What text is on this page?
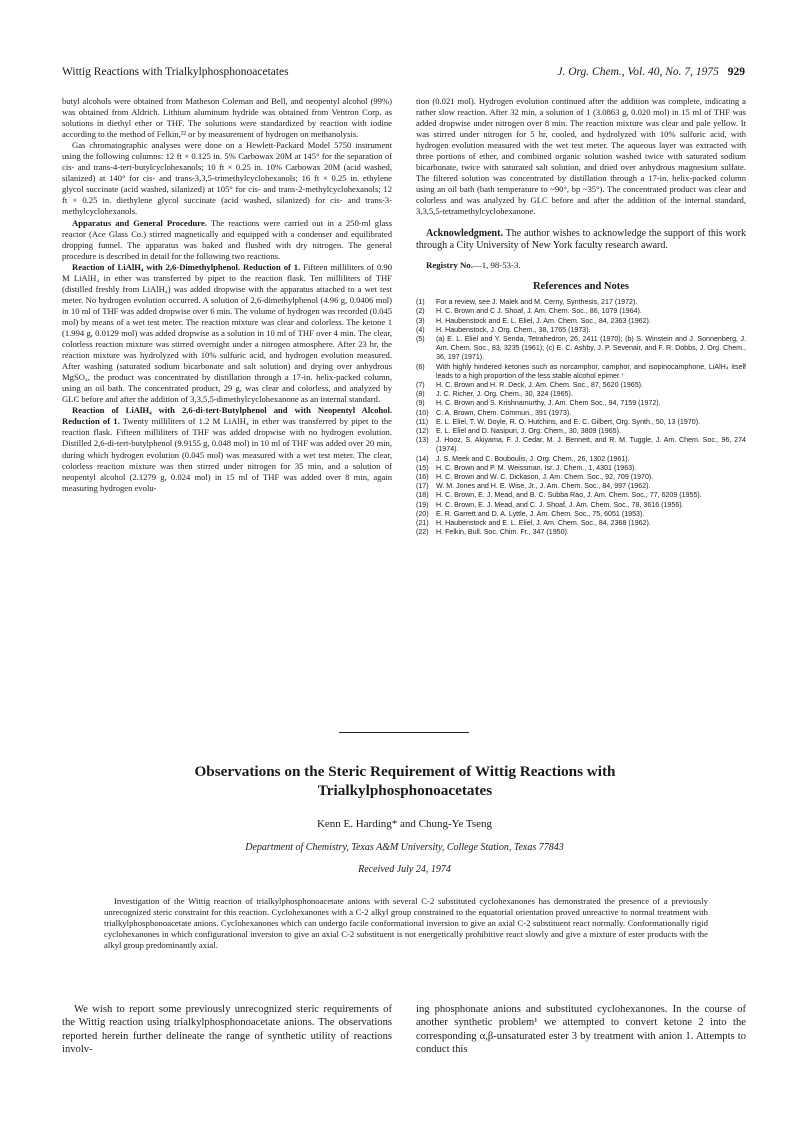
Wittig Reactions with Trialkylphosphonoacetates	J. Org. Chem., Vol. 40, No. 7, 1975 929

butyl alcohols were obtained from Matheson Coleman and Bell, and neopentyl alcohol (99%) was obtained from Aldrich. Lithium aluminum hydride was obtained from Ventron Corp. as solutions in diethyl ether or THF. The solutions were standardized by reaction with iodine according to the method of Felkin,²² or by measurement of hydrogen on methanolysis.

Gas chromatographic analyses were done on a Hewlett-Packard Model 5750 instrument using the following columns: 12 ft × 0.125 in. 5% Carbowax 20M at 145° for the separation of cis- and trans-4-tert-butylcyclohexanols; 10 ft × 0.25 in. 10% Carbowax 20M (acid washed, silanized) at 140° for cis- and trans-3,3,5-trimethylcyclohexanols; 16 ft × 0.25 in. ethylene glycol succinate (acid washed, silanized) at 105° for cis- and trans-2-methylcyclohexanols; 12 ft × 0.25 in. diethylene glycol succinate (acid washed, silanized) for cis- and trans-3-methylcyclohexanols.

Apparatus and General Procedure. The reactions were carried out in a 250-ml glass reactor (Ace Glass Co.) stirred magnetically and equipped with a condenser and equilibrated dropping funnel. The apparatus was baked and flushed with dry nitrogen. The general procedure is described in detail for the following two reactions.

Reaction of LiAlH₄ with 2,6-Dimethylphenol. Reduction of 1. Fifteen milliliters of 0.90 M LiAlH₄ in ether was transferred by pipet to the reaction flask. Ten milliliters of THF (distilled freshly from LiAlH₄) was added dropwise with the apparatus attached to a wet test meter. No hydrogen evolution occurred. A solution of 2,6-dimethylphenol (4.96 g, 0.0406 mol) in 10 ml of THF was added dropwise over 6 min. The volume of hydrogen was recorded (0.045 mol) by means of a wet test meter. The reaction mixture was clear and colorless. The ketone 1 (1.994 g, 0.0129 mol) was added dropwise as a solution in 10 ml of THF over 4 min. The clear, colorless reaction mixture was stirred overnight under a nitrogen atmosphere. After 23 hr, the reaction mixture was hydrolyzed with 10% sulfuric acid, and hydrogen evolution measured. After washing (saturated sodium bicarbonate and salt solution) and drying over anhydrous MgSO₄, the product was concentrated by distillation through a 17-in. helix-packed column, using an oil bath. The concentrated product, 29 g, was clear and colorless, and analyzed by GLC before and after the addition of 3,3,5,5-dimethylcyclohexanone as an internal standard.

Reaction of LiAlH₄ with 2,6-di-tert-Butylphenol and with Neopentyl Alcohol. Reduction of 1. Twenty milliliters of 1.2 M LiAlH₄ in ether was transferred by pipet to the reaction flask. Fifteen milliliters of THF was added dropwise with no hydrogen evolution. Distilled 2,6-di-tert-butylphenol (9.9155 g, 0.048 mol) in 10 ml of THF was added over 20 min, during which hydrogen evolution (0.045 mol) was measured with a wet test meter. The clear, colorless reaction mixture was then stirred under nitrogen for 35 min, and a solution of neopentyl alcohol (2.1279 g, 0.024 mol) in 15 ml of THF was added over 8 min, again measuring hydrogen evolu-

tion (0.021 mol). Hydrogen evolution continued after the addition was complete, indicating a rather slow reaction. After 32 min, a solution of 1 (3.0863 g, 0.020 mol) in 15 ml of THF was added dropwise under nitrogen over 8 min. The reaction mixture was clear and pale yellow. It was stirred under nitrogen for 5 hr, cooled, and hydrolyzed with 10% sulfuric acid, with hydrogen evolution measured with the wet test meter. The aqueous layer was extracted with three portions of ether, and combined organic solution washed twice with saturated sodium bicarbonate, twice with saturated salt solution, and dried over anhydrous magnesium sulfate. The filtered solution was concentrated by distillation through a 17-in. helix-packed column using an oil bath (bath temperature to ~90°, bp ~35°). The concentrated product was clear and colorless and was analyzed by GLC before and after the addition of the internal standard, 3,3,5,5-tetramethylcyclohexanone.

Acknowledgment. The author wishes to acknowledge the support of this work through a City University of New York faculty research award.

Registry No.—1, 98-53-3.

References and Notes
(1)	For a review, see J. Malek and M. Cerny, Synthesis, 217 (1972).
(2)	H. C. Brown and C J. Shoaf, J. Am. Chem. Soc., 86, 1079 (1964).
(3)	H. Haubenstock and E. L. Eliel, J. Am. Chem. Soc., 84, 2363 (1962).
(4)	H. Haubenstock, J. Org. Chem., 38, 1765 (1973).
(5)	(a) E. L. Eliel and Y. Senda, Tetrahedron, 26, 2411 (1970); (b) S. Winstein and J. Sonnenberg, J. Am. Chem. Soc., 83, 3235 (1961); (c) E. C. Ashby, J. P. Sevenair, and F. R. Dobbs, J. Org. Chem., 36, 197 (1971).
(6)	With highly hindered ketones such as norcamphor, camphor, and isopinocamphone, LiAlH₄ itself leads to a high proportion of the less stable alcohol epimer.⁷
(7)	H. C. Brown and H. R. Deck, J. Am. Chem. Soc., 87, 5620 (1965).
(8)	J. C. Richer, J. Org. Chem., 30, 324 (1965).
(9)	H. C. Brown and S. Krishnamurthy, J. Am. Chem Soc., 94, 7159 (1972).
(10)	C. A. Brown, Chem. Commun., 391 (1973).
(11)	E. L. Eliel, T. W. Doyle, R. O. Hutchins, and E. C. Gilbert, Org. Synth., 50, 13 (1970).
(12)	E. L. Eliel and D. Nasipuri, J. Org. Chem., 30, 3809 (1965).
(13)	J. Hooz, S. Akiyama, F. J. Cedar, M. J. Bennett, and R. M. Tuggle, J. Am. Chem. Soc., 96, 274 (1974).
(14)	J. S. Meek and C. Bouboulis, J. Org. Chem., 26, 1302 (1961).
(15)	H. C. Brown and P. M. Weissman, Isr. J. Chem., 1, 4301 (1963).
(16)	H. C. Brown and W. C. Dickason, J. Am. Chem. Soc., 92, 709 (1970).
(17)	W. M. Jones and H. E. Wise, Jr., J. Am. Chem. Soc., 84, 997 (1962).
(18)	H. C. Brown, E. J. Mead, and B. C. Subba Rao, J. Am. Chem. Soc., 77, 6209 (1955).
(19)	H. C. Brown, E. J. Mead, and C. J. Shoaf, J. Am. Chem. Soc., 78, 3616 (1956).
(20)	E. R. Garrett and D. A. Lyttle, J. Am. Chem. Soc., 75, 6051 (1953).
(21)	H. Haubenstock and E. L. Eliel, J. Am. Chem. Soc., 84, 2368 (1962).
(22)	H. Felkin, Bull. Soc. Chim. Fr., 347 (1950).
Observations on the Steric Requirement of Wittig Reactions with Trialkylphosphonoacetates
Kenn E. Harding* and Chung-Ye Tseng
Department of Chemistry, Texas A&M University, College Station, Texas 77843
Received July 24, 1974
Investigation of the Wittig reaction of trialkylphosphonoacetate anions with several C-2 substituted cyclohexanones has demonstrated the presence of a previously unrecognized steric constraint for this reaction. Cyclohexanones with a C-2 alkyl group constrained to the equatorial orientation proved unreactive to normal treatment with trialkylphosphonoacetate anions. Cyclohexanones which can undergo facile conformational inversion to give an axial C-2 substituent react normally. Conformationally rigid cyclohexanones in which configurational inversion to give an axial C-2 substituent is not energetically prohibitive react slowly and give a mixture of ester products with the alkyl group predominantly axial.
We wish to report some previously unrecognized steric requirements of the Wittig reaction using trialkylphosphonoacetate anions. The observations reported herein further delineate the range of synthetic utility of reactions involv-
ing phosphonate anions and substituted cyclohexanones. In the course of another synthetic problem¹ we attempted to convert ketone 2 into the corresponding α,β-unsaturated ester 3 by treatment with anion 1. Attempts to conduct this
